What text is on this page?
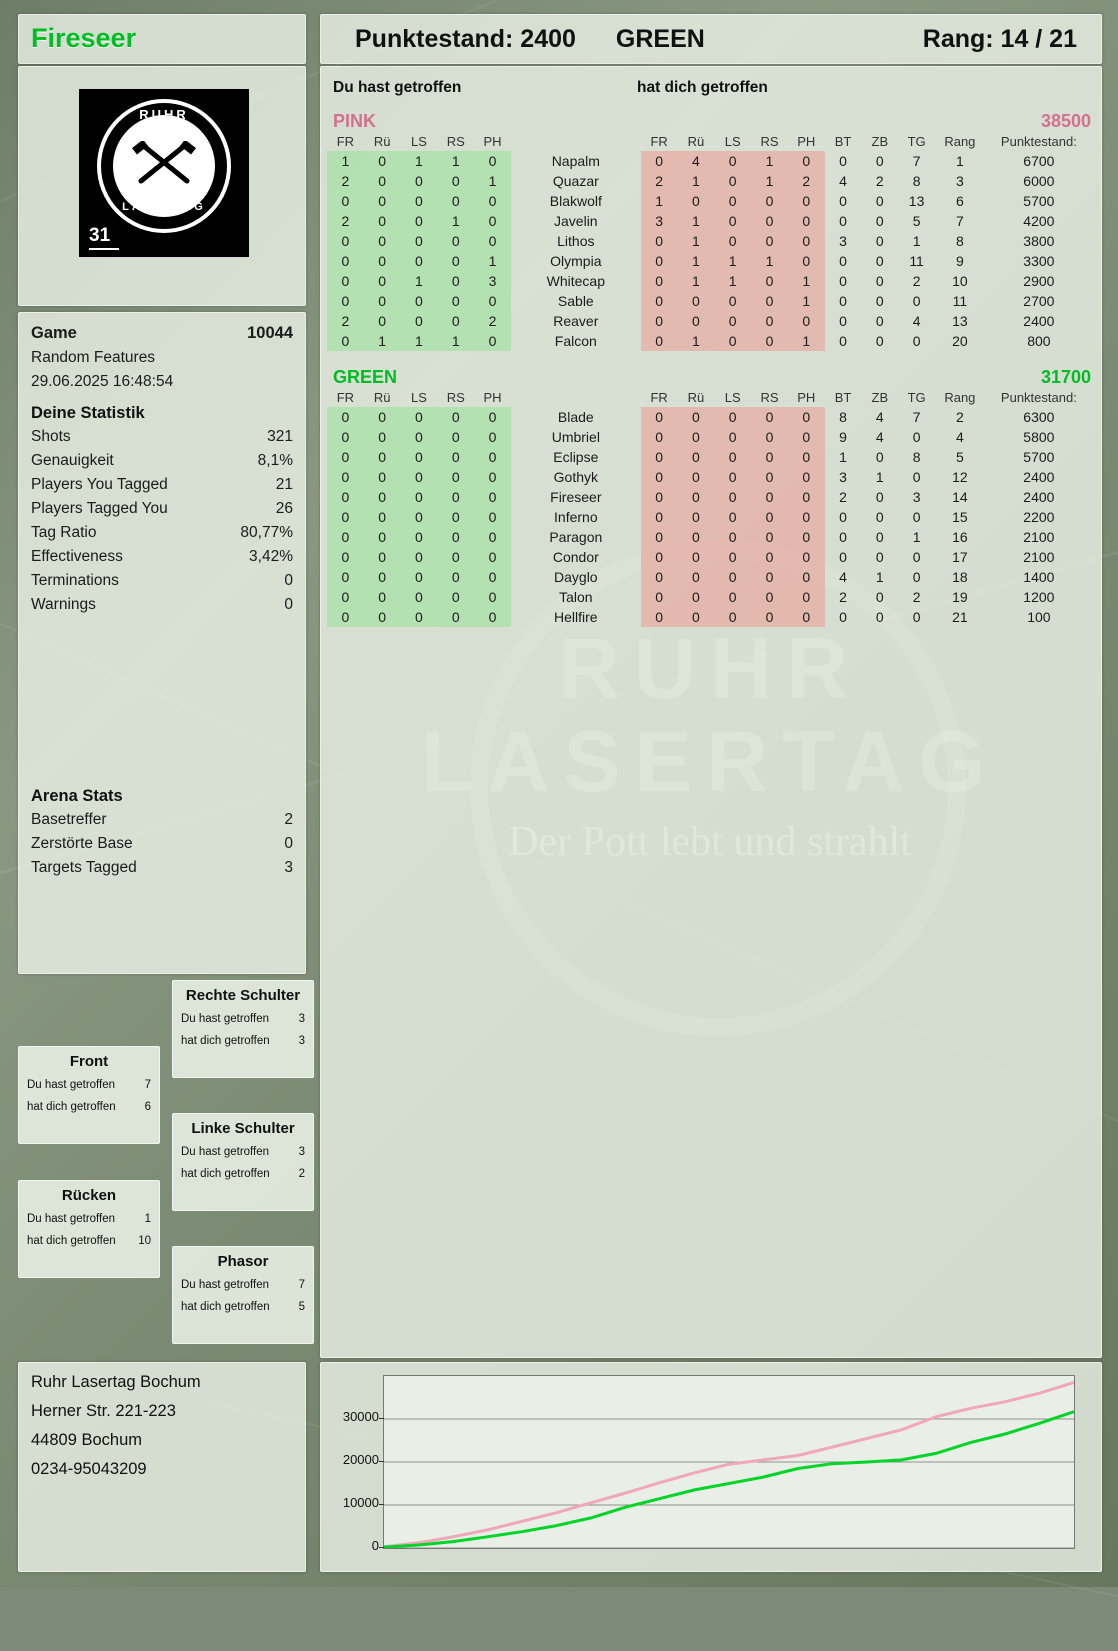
Fireseer	Punktestand: 2400 GREEN	Rang: 14 / 21
RUHR
LASERTAG
31
Game	10044
Random Features
29.06.2025 16:48:54
Deine Statistik
Shots	321
Genauigkeit	8,1%
Players You Tagged	21
Players Tagged You	26
Tag Ratio	80,77%
Effectiveness	3,42%
Terminations	0
Warnings	0
Arena Stats
Basetreffer	2
Zerstörte Base	0
Targets Tagged	3
Rechte Schulter
Du hast getroffen	3
hat dich getroffen	3
Front
Du hast getroffen	7
hat dich getroffen	6
Linke Schulter
Du hast getroffen	3
hat dich getroffen	2
Rücken
Du hast getroffen	1
hat dich getroffen 10
Phasor
Du hast getroffen	7
hat dich getroffen	5
Ruhr Lasertag Bochum
Herner Str. 221-223
44809 Bochum
0234-95043209
Du hast getroffen	hat dich getroffen
PINK	38500
FR	Rü	LS	RS	PH		FR	Rü	LS	RS	PH	BT	ZB	TG	Rang	Punktestand:
1	0	1	1	0	Napalm	0	4	0	1	0	0	0	7	1	6700
2	0	0	0	1	Quazar	2	1	0	1	2	4	2	8	3	6000
0	0	0	0	0	Blakwolf	1	0	0	0	0	0	0	13	6	5700
2	0	0	1	0	Javelin	3	1	0	0	0	0	0	5	7	4200
0	0	0	0	0	Lithos	0	1	0	0	0	3	0	1	8	3800
0	0	0	0	1	Olympia	0	1	1	1	0	0	0	11	9	3300
0	0	1	0	3	Whitecap	0	1	1	0	1	0	0	2	10	2900
0	0	0	0	0	Sable	0	0	0	0	1	0	0	0	11	2700
2	0	0	0	2	Reaver	0	0	0	0	0	0	0	4	13	2400
0	1	1	1	0	Falcon	0	1	0	0	1	0	0	0	20	800
GREEN	31700
FR	Rü	LS	RS	PH		FR	Rü	LS	RS	PH	BT	ZB	TG	Rang	Punktestand:
0	0	0	0	0	Blade	0	0	0	0	0	8	4	7	2	6300
0	0	0	0	0	Umbriel	0	0	0	0	0	9	4	0	4	5800
0	0	0	0	0	Eclipse	0	0	0	0	0	1	0	8	5	5700
0	0	0	0	0	Gothyk	0	0	0	0	0	3	1	0	12	2400
0	0	0	0	0	Fireseer	0	0	0	0	0	2	0	3	14	2400
0	0	0	0	0	Inferno	0	0	0	0	0	0	0	0	15	2200
0	0	0	0	0	Paragon	0	0	0	0	0	0	0	1	16	2100
0	0	0	0	0	Condor	0	0	0	0	0	0	0	0	17	2100
0	0	0	0	0	Dayglo	0	0	0	0	0	4	1	0	18	1400
0	0	0	0	0	Talon	0	0	0	0	0	2	0	2	19	1200
0	0	0	0	0	Hellfire	0	0	0	0	0	0	0	0	21	100
0
10000
20000
30000
